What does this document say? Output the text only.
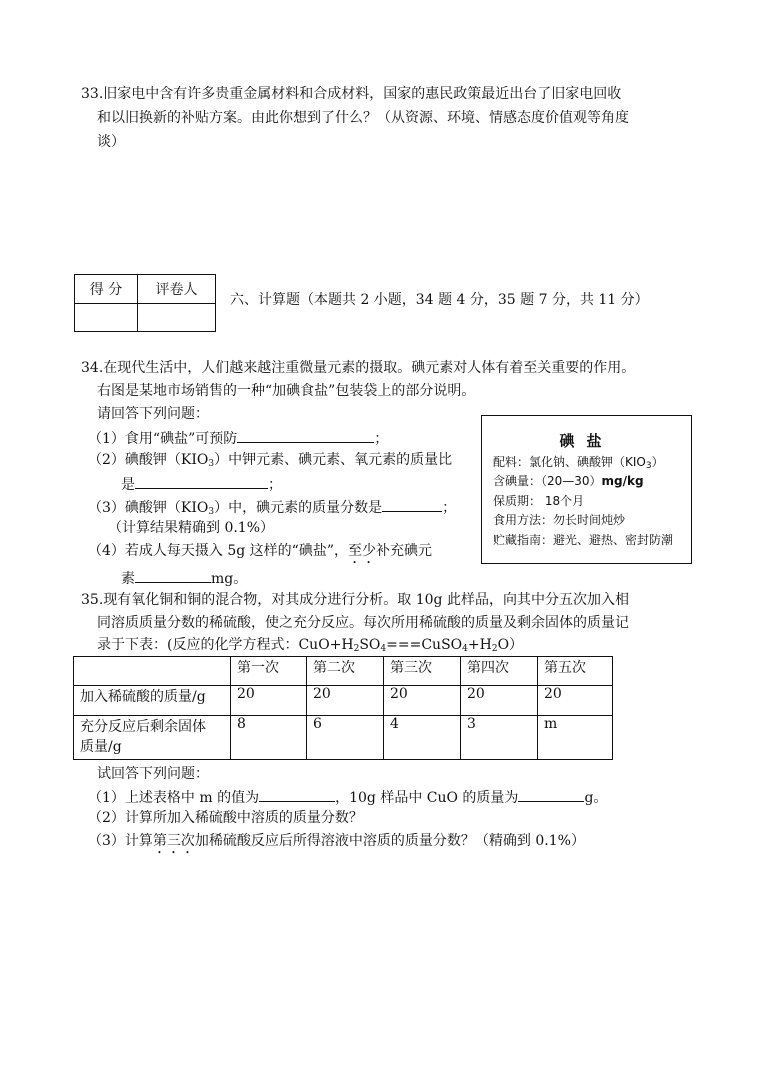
33.旧家电中含有许多贵重金属材料和合成材料，国家的惠民政策最近出台了旧家电回收
和以旧换新的补贴方案。由此你想到了什么？（从资源、环境、情感态度价值观等角度
谈）
得 分	评卷人

六、计算题（本题共 2 小题，34 题 4 分，35 题 7 分，共 11 分）
34.在现代生活中，人们越来越注重微量元素的摄取。碘元素对人体有着至关重要的作用。
右图是某地市场销售的一种“加碘食盐”包装袋上的部分说明。
请回答下列问题：
（1）食用“碘盐”可预防	；
（2）碘酸钾$(KIO_3)$中钾元素、碘元素、氧元素的质量比
是	；
（3）碘酸钾$(KIO_3)$中，碘元素的质量分数是	；
（计算结果精确到 0.1%）
（4）若成人每天摄入 5g 这样的“碘盐”，至少补充碘元
素	mg。
碘盐
配料：氯化钠、碘酸钾$(KIO_3)$
含碘量：（20—30）mg/kg
保质期： 18个月
食用方法：勿长时间炖炒
贮藏指南：避光、避热、密封防潮
35.现有氧化铜和铜的混合物，对其成分进行分析。取 10g 此样品，向其中分五次加入相
同溶质质量分数的稀硫酸，使之充分反应。每次所用稀硫酸的质量及剩余固体的质量记
录于下表：(反应的化学方程式：$CuO+H_2SO_4===CuSO_4+H_2O$）
	第一次	第二次	第三次	第四次	第五次
加入稀硫酸的质量/g	20	20	20	20	20

充分反应后剩余固体
质量/g	8	6	4	3	m
试回答下列问题：
（1）上述表格中 m 的值为	，10g 样品中 CuO 的质量为	g。
（2）计算所加入稀硫酸中溶质的质量分数？
（3）计算第三次加稀硫酸反应后所得溶液中溶质的质量分数？（精确到 0.1%）
